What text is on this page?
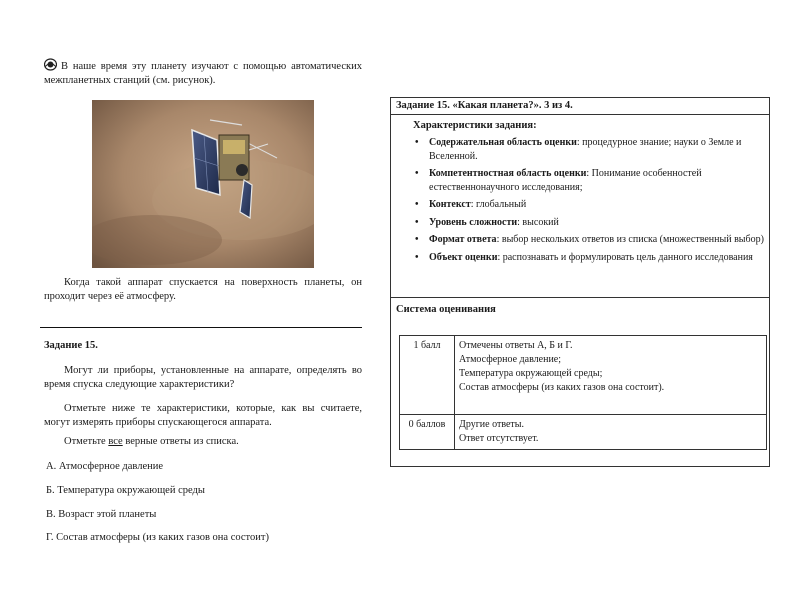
В наше время эту планету изучают с помощью автоматических межпланетных станций (см. рисунок).
Когда такой аппарат спускается на поверхность планеты, он проходит через её атмосферу.
Задание 15.
Могут ли приборы, установленные на аппарате, определять во время спуска следующие характеристики?
Отметьте ниже те характеристики, которые, как вы считаете, могут измерять приборы спускающегося аппарата.
Отметьте все верные ответы из списка.
А. Атмосферное давление
Б. Температура окружающей среды
В. Возраст этой планеты
Г. Состав атмосферы (из каких газов она состоит)
Задание 15. «Какая планета?». 3 из 4.
Характеристики задания:
• Содержательная область оценки: процедурное знание; науки о Земле и Вселенной.
• Компетентностная область оценки: Понимание особенностей естественнонаучного исследования;
• Контекст: глобальный
• Уровень сложности: высокий
• Формат ответа: выбор нескольких ответов из списка (множественный выбор)
• Объект оценки: распознавать и формулировать цель данного исследования
Система оценивания
1 балл	Отмечены ответы А, Б и Г.
Атмосферное давление;
Температура окружающей среды;
Состав атмосферы (из каких газов она состоит).

0 баллов	Другие ответы.
Ответ отсутствует.
